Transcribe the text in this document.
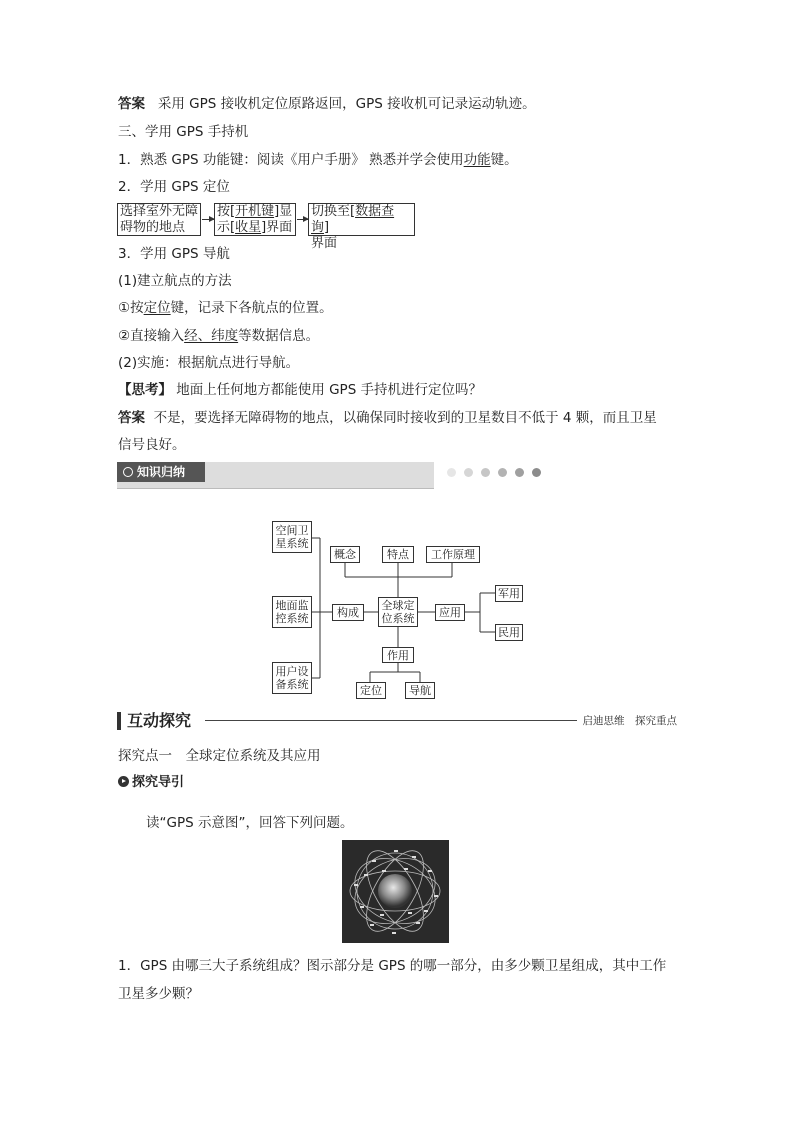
答案 采用 GPS 接收机定位原路返回，GPS 接收机可记录运动轨迹。
三、学用 GPS 手持机
1．熟悉 GPS 功能键：阅读《用户手册》 熟悉并学会使用功能键。
2．学用 GPS 定位
选择室外无障
碍物的地点
按[开机键]显
示[收星]界面
切换至[数据查询]
界面
3．学用 GPS 导航
(1)建立航点的方法
①按定位键，记录下各航点的位置。
②直接输入经、纬度等数据信息。
(2)实施：根据航点进行导航。
【思考】 地面上任何地方都能使用 GPS 手持机进行定位吗？
答案 不是，要选择无障碍物的地点，以确保同时接收到的卫星数目不低于 4 颗，而且卫星
信号良好。
知识归纳
空间卫
星系统
地面监
控系统
用户设
备系统
概念	特点	工作原理
构成
全球定
位系统	应用
军用
民用
作用
定位	导航
互动探究	启迪思维　探究重点
探究点一　全球定位系统及其应用
探究导引
读“GPS 示意图”，回答下列问题。
1．GPS 由哪三大子系统组成？图示部分是 GPS 的哪一部分，由多少颗卫星组成，其中工作
卫星多少颗？
